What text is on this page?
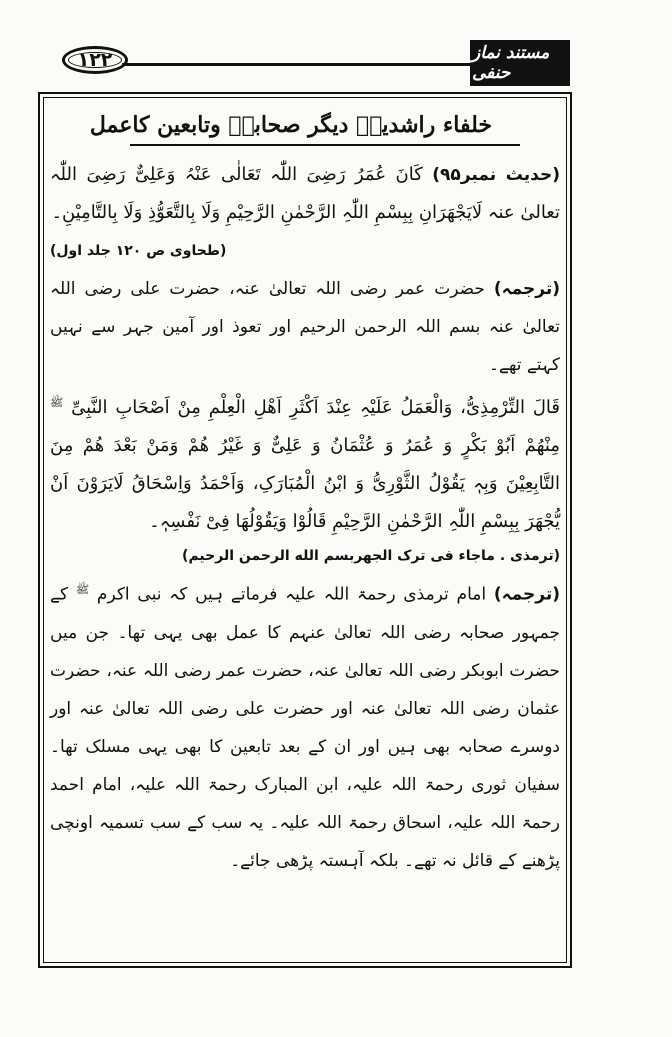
۱۲۲	مستند نماز حنفی
خلفاء راشدینؓ دیگر صحابہؓ وتابعین کاعمل

(حدیث نمبر۹۵) کَانَ عُمَرُ رَضِیَ اللّٰہ تَعَالٰی عَنْہُ وَعَلِیٌّ رَضِیَ اللّٰہ تعالیٰ عنہ لَایَجْھَرَانِ بِبِسْمِ اللّٰہِ الرَّحْمٰنِ الرَّحِیْمِ وَلَا بِالتَّعَوُّذِ وَلَا بِالتَّامِیْنِ۔
(طحاوی ص ۱۲۰ جلد اول)

(ترجمہ) حضرت عمر رضی اللہ تعالیٰ عنہ، حضرت علی رضی اللہ تعالیٰ عنہ بسم اللہ الرحمن الرحیم اور تعوذ اور آمین جہر سے نہیں کہتے تھے۔

قَالَ التِّرْمِذِیُّ، وَالْعَمَلُ عَلَیْہِ عِنْدَ اَکْثَرِ اَھْلِ الْعِلْمِ مِنْ اَصْحَابِ النَّبِیِّ $^ﷺ$ مِنْھُمْ اَبُوْ بَکْرٍ وَ عُمَرُ وَ عُثْمَانُ وَ عَلِیٌّ وَ غَیْرُ ھُمْ وَمَنْ بَعْدَ ھُمْ مِنَ التَّابِعِیْنَ وَبِہٖ یَقُوْلُ الثَّوْرِیُّ وَ ابْنُ الْمُبَارَکِ، وَاَحْمَدُ وَاِسْحَاقُ لَایَرَوْنَ اَنْ یُّجْھَرَ بِبِسْمِ اللّٰہِ الرَّحْمٰنِ الرَّحِیْمِ قَالُوْا وَیَقُوْلُھَا فِیْ نَفْسِہٖ۔

(ترمذی . ماجاء فی ترک الجهربسم الله الرحمن الرحیم)

(ترجمہ) امام ترمذی رحمۃ اللہ علیہ فرماتے ہیں کہ نبی اکرم $^ﷺ$ کے جمہور صحابہ رضی اللہ تعالیٰ عنہم کا عمل بھی یہی تھا۔ جن میں حضرت ابوبکر رضی اللہ تعالیٰ عنہ، حضرت عمر رضی اللہ عنہ، حضرت عثمان رضی اللہ تعالیٰ عنہ اور حضرت علی رضی اللہ تعالیٰ عنہ اور دوسرے صحابہ بھی ہیں اور ان کے بعد تابعین کا بھی یہی مسلک تھا۔ سفیان ثوری رحمۃ اللہ علیہ، ابن المبارک رحمۃ اللہ علیہ، امام احمد رحمۃ اللہ علیہ، اسحاق رحمۃ اللہ علیہ۔ یہ سب کے سب تسمیہ اونچی پڑھنے کے قائل نہ تھے۔ بلکہ آہستہ پڑھی جائے۔
